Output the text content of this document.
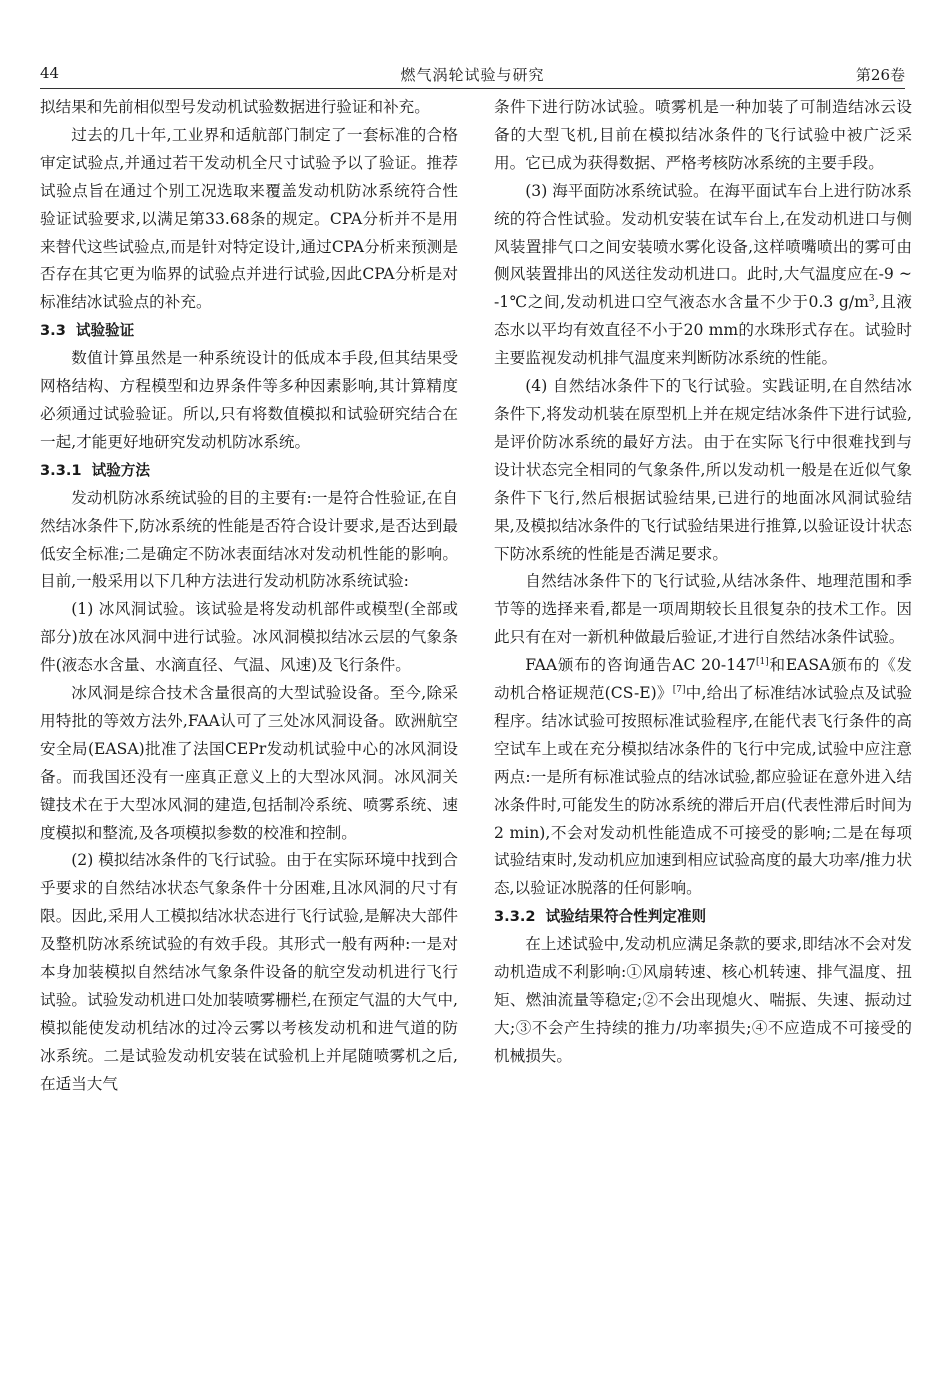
44	燃气涡轮试验与研究	第26卷

拟结果和先前相似型号发动机试验数据进行验证和补充。

过去的几十年,工业界和适航部门制定了一套标准的合格审定试验点,并通过若干发动机全尺寸试验予以了验证。推荐试验点旨在通过个别工况选取来覆盖发动机防冰系统符合性验证试验要求,以满足第33.68条的规定。CPA分析并不是用来替代这些试验点,而是针对特定设计,通过CPA分析来预测是否存在其它更为临界的试验点并进行试验,因此CPA分析是对标准结冰试验点的补充。

3.3 试验验证

数值计算虽然是一种系统设计的低成本手段,但其结果受网格结构、方程模型和边界条件等多种因素影响,其计算精度必须通过试验验证。所以,只有将数值模拟和试验研究结合在一起,才能更好地研究发动机防冰系统。

3.3.1 试验方法

发动机防冰系统试验的目的主要有:一是符合性验证,在自然结冰条件下,防冰系统的性能是否符合设计要求,是否达到最低安全标准;二是确定不防冰表面结冰对发动机性能的影响。目前,一般采用以下几种方法进行发动机防冰系统试验:

(1) 冰风洞试验。该试验是将发动机部件或模型(全部或部分)放在冰风洞中进行试验。冰风洞模拟结冰云层的气象条件(液态水含量、水滴直径、气温、风速)及飞行条件。

冰风洞是综合技术含量很高的大型试验设备。至今,除采用特批的等效方法外,FAA认可了三处冰风洞设备。欧洲航空安全局(EASA)批准了法国CEPr发动机试验中心的冰风洞设备。而我国还没有一座真正意义上的大型冰风洞。冰风洞关键技术在于大型冰风洞的建造,包括制冷系统、喷雾系统、速度模拟和整流,及各项模拟参数的校准和控制。

(2) 模拟结冰条件的飞行试验。由于在实际环境中找到合乎要求的自然结冰状态气象条件十分困难,且冰风洞的尺寸有限。因此,采用人工模拟结冰状态进行飞行试验,是解决大部件及整机防冰系统试验的有效手段。其形式一般有两种:一是对本身加装模拟自然结冰气象条件设备的航空发动机进行飞行试验。试验发动机进口处加装喷雾栅栏,在预定气温的大气中,模拟能使发动机结冰的过冷云雾以考核发动机和进气道的防冰系统。二是试验发动机安装在试验机上并尾随喷雾机之后,在适当大气

条件下进行防冰试验。喷雾机是一种加装了可制造结冰云设备的大型飞机,目前在模拟结冰条件的飞行试验中被广泛采用。它已成为获得数据、严格考核防冰系统的主要手段。

(3) 海平面防冰系统试验。在海平面试车台上进行防冰系统的符合性试验。发动机安装在试车台上,在发动机进口与侧风装置排气口之间安装喷水雾化设备,这样喷嘴喷出的雾可由侧风装置排出的风送往发动机进口。此时,大气温度应在-9 ~ -1℃之间,发动机进口空气液态水含量不少于0.3 $g/m^3$,且液态水以平均有效直径不小于20 mm的水珠形式存在。试验时主要监视发动机排气温度来判断防冰系统的性能。

(4) 自然结冰条件下的飞行试验。实践证明,在自然结冰条件下,将发动机装在原型机上并在规定结冰条件下进行试验,是评价防冰系统的最好方法。由于在实际飞行中很难找到与设计状态完全相同的气象条件,所以发动机一般是在近似气象条件下飞行,然后根据试验结果,已进行的地面冰风洞试验结果,及模拟结冰条件的飞行试验结果进行推算,以验证设计状态下防冰系统的性能是否满足要求。

自然结冰条件下的飞行试验,从结冰条件、地理范围和季节等的选择来看,都是一项周期较长且很复杂的技术工作。因此只有在对一新机种做最后验证,才进行自然结冰条件试验。

FAA颁布的咨询通告AC 20-147[1]和EASA颁布的《发动机合格证规范(CS-E)》[7]中,给出了标准结冰试验点及试验程序。结冰试验可按照标准试验程序,在能代表飞行条件的高空试车上或在充分模拟结冰条件的飞行中完成,试验中应注意两点:一是所有标准试验点的结冰试验,都应验证在意外进入结冰条件时,可能发生的防冰系统的滞后开启(代表性滞后时间为2 min),不会对发动机性能造成不可接受的影响;二是在每项试验结束时,发动机应加速到相应试验高度的最大功率/推力状态,以验证冰脱落的任何影响。

3.3.2 试验结果符合性判定准则

在上述试验中,发动机应满足条款的要求,即结冰不会对发动机造成不利影响:①风扇转速、核心机转速、排气温度、扭矩、燃油流量等稳定;②不会出现熄火、喘振、失速、振动过大;③不会产生持续的推力/功率损失;④不应造成不可接受的机械损失。
